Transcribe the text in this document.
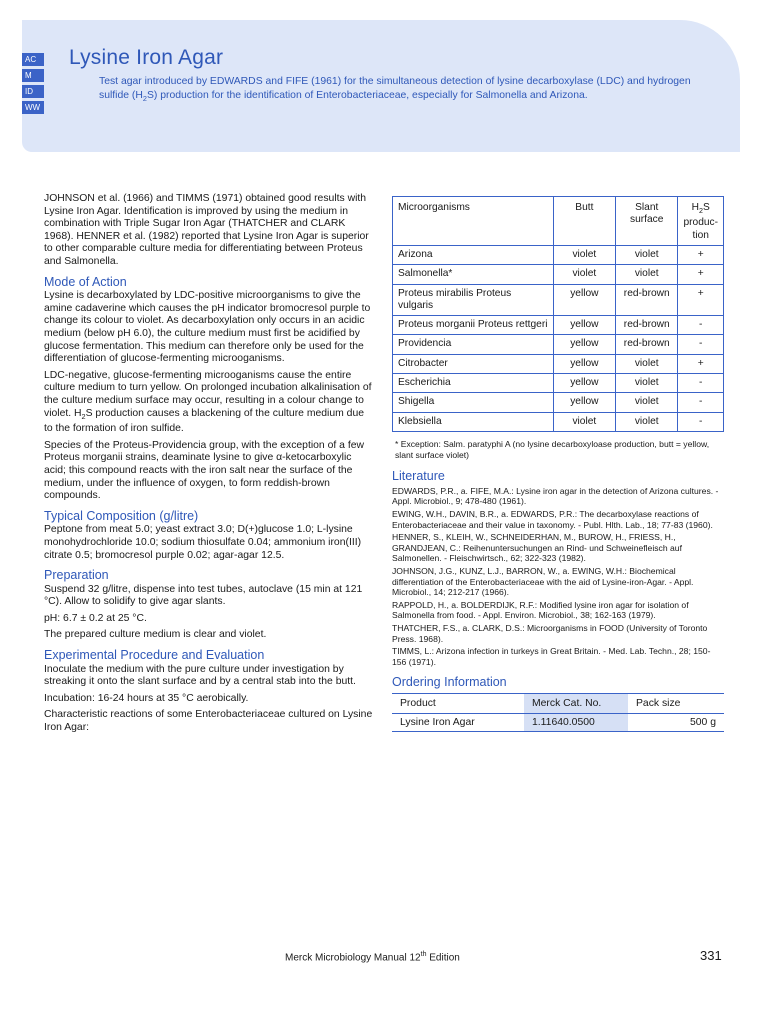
AC
M
ID
WW
Lysine Iron Agar
Test agar introduced by EDWARDS and FIFE (1961) for the simultaneous detection of lysine decarboxylase (LDC) and hydrogen sulfide $(H_2S)$ production for the identification of Enterobacteriaceae, especially for Salmonella and Arizona.

JOHNSON et al. (1966) and TIMMS (1971) obtained good results with Lysine Iron Agar. Identification is improved by using the medium in combination with Triple Sugar Iron Agar (THATCHER and CLARK 1968). HENNER et al. (1982) reported that Lysine Iron Agar is superior to other comparable culture media for differentiating between Proteus and Salmonella.

Mode of Action

Lysine is decarboxylated by LDC-positive microorganisms to give the amine cadaverine which causes the pH indicator bromocresol purple to change its colour to violet. As decarboxylation only occurs in an acidic medium (below pH 6.0), the culture medium must first be acidified by glucose fermentation. This medium can therefore only be used for the differentiation of glucose-fermenting microoganisms.

LDC-negative, glucose-fermenting microoganisms cause the entire culture medium to turn yellow. On prolonged incubation alkalinisation of the culture medium surface may occur, resulting in a colour change to violet. $H_2S$ production causes a blackening of the culture medium due to the formation of iron sulfide.

Species of the Proteus-Providencia group, with the exception of a few Proteus morganii strains, deaminate lysine to give α-ketocarboxylic acid; this compound reacts with the iron salt near the surface of the medium, under the influence of oxygen, to form reddish-brown compounds.

Typical Composition (g/litre)

Peptone from meat 5.0; yeast extract 3.0; D(+)glucose 1.0; L-lysine monohydrochloride 10.0; sodium thiosulfate 0.04; ammonium iron(III) citrate 0.5; bromocresol purple 0.02; agar-agar 12.5.

Preparation

Suspend 32 g/litre, dispense into test tubes, autoclave (15 min at 121 °C). Allow to solidify to give agar slants.

pH: 6.7 ± 0.2 at 25 °C.

The prepared culture medium is clear and violet.

Experimental Procedure and Evaluation

Inoculate the medium with the pure culture under investigation by streaking it onto the slant surface and by a central stab into the butt.

Incubation: 16-24 hours at 35 °C aerobically.

Characteristic reactions of some Enterobacteriaceae cultured on Lysine Iron Agar:

Microorganisms	Butt	Slant surface	$H_2S$ produc-tion
Arizona	violet	violet	+
Salmonella*	violet	violet	+
Proteus mirabilis Proteus vulgaris	yellow	red-brown	+
Proteus morganii Proteus rettgeri	yellow	red-brown	-
Providencia	yellow	red-brown	-
Citrobacter	yellow	violet	+
Escherichia	yellow	violet	-
Shigella	yellow	violet	-
Klebsiella	violet	violet	-
* Exception: Salm. paratyphi A (no lysine decarboxyloase production, butt = yellow, slant surface violet)
Literature

EDWARDS, P.R., a. FIFE, M.A.: Lysine iron agar in the detection of Arizona cultures. - Appl. Microbiol., 9; 478-480 (1961).

EWING, W.H., DAVIN, B.R., a. EDWARDS, P.R.: The decarboxylase reactions of Enterobacteriaceae and their value in taxonomy. - Publ. Hlth. Lab., 18; 77-83 (1960).

HENNER, S., KLEIH, W., SCHNEIDERHAN, M., BUROW, H., FRIESS, H., GRANDJEAN, C.: Reihenuntersuchungen an Rind- und Schweinefleisch auf Salmonellen. - Fleischwirtsch., 62; 322-323 (1982).

JOHNSON, J.G., KUNZ, L.J., BARRON, W., a. EWING, W.H.: Biochemical differentiation of the Enterobacteriaceae with the aid of Lysine-iron-Agar. - Appl. Microbiol., 14; 212-217 (1966).

RAPPOLD, H., a. BOLDERDIJK, R.F.: Modified lysine iron agar for isolation of Salmonella from food. - Appl. Environ. Microbiol., 38; 162-163 (1979).

THATCHER, F.S., a. CLARK, D.S.: Microorganisms in FOOD (University of Toronto Press. 1968).

TIMMS, L.: Arizona infection in turkeys in Great Britain. - Med. Lab. Techn., 28; 150-156 (1971).

Ordering Information
Product	Merck Cat. No.	Pack size
Lysine Iron Agar	1.11640.0500	500 g
Merck Microbiology Manual 12th Edition	331
